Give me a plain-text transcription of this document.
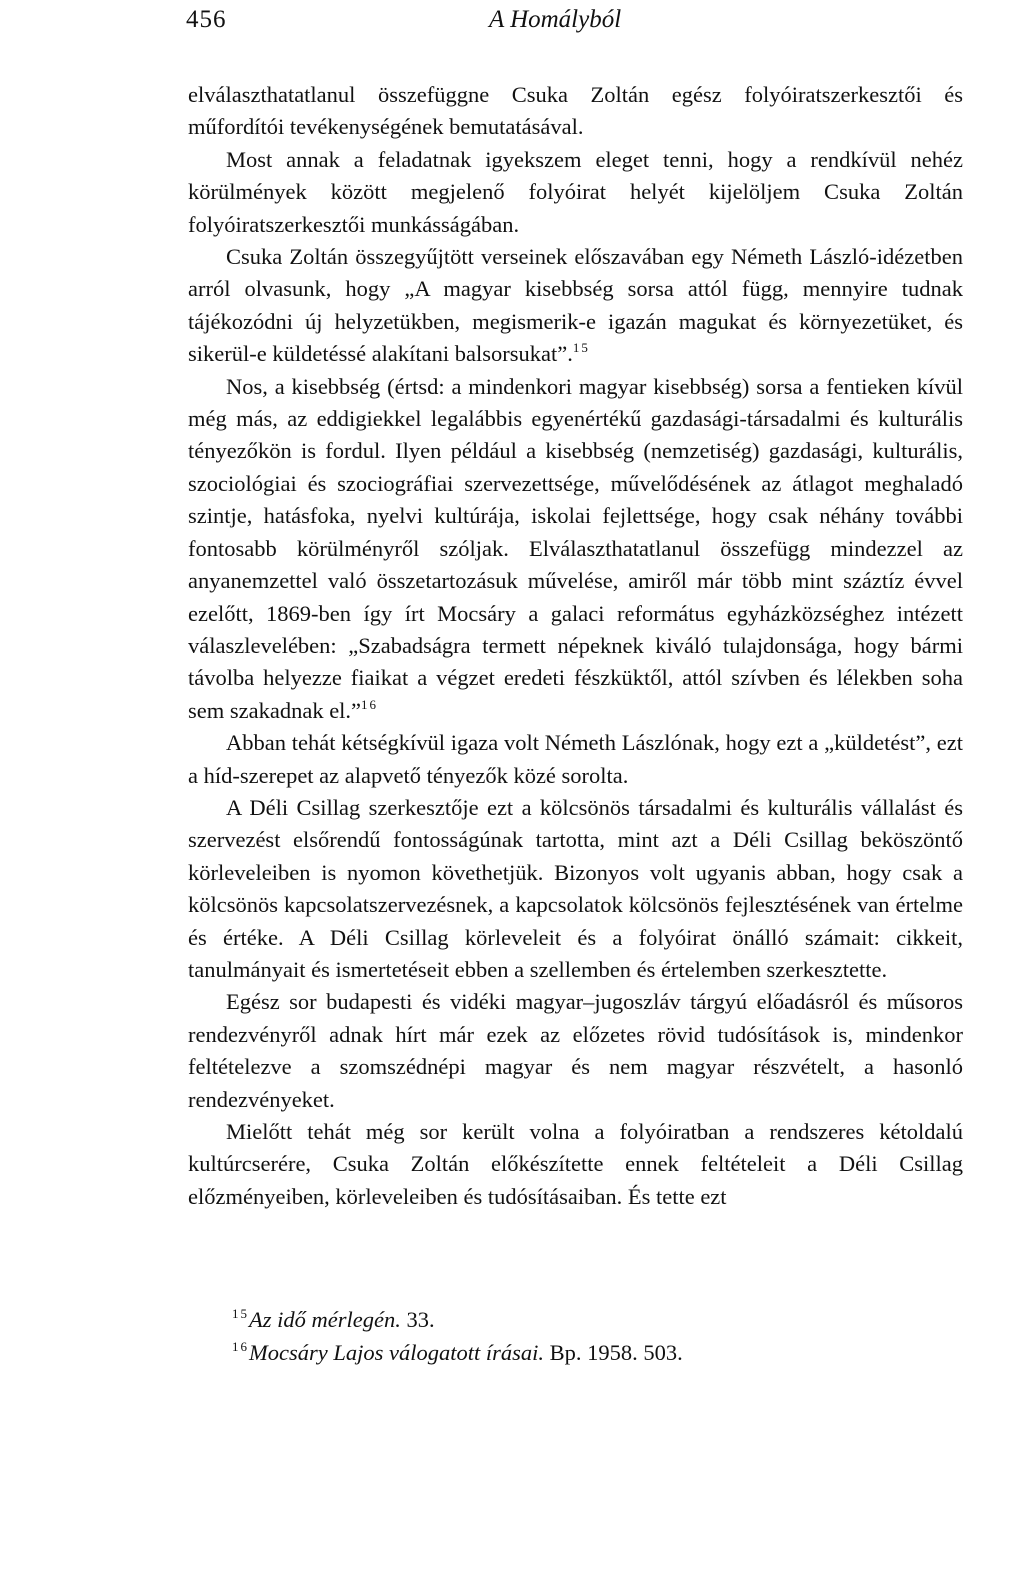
456	A Homályból

elválaszthatatlanul összefüggne Csuka Zoltán egész folyóiratszerkesztői és műfordítói tevékenységének bemutatásával.

Most annak a feladatnak igyekszem eleget tenni, hogy a rendkívül nehéz körülmények között megjelenő folyóirat helyét kijelöljem Csuka Zoltán folyóiratszerkesztői munkásságában.

Csuka Zoltán összegyűjtött verseinek előszavában egy Németh László-idézetben arról olvasunk, hogy „A magyar kisebbség sorsa attól függ, mennyire tudnak tájékozódni új helyzetükben, megismerik-e igazán magukat és környezetüket, és sikerül-e küldetéssé alakítani balsorsukat”.$^{15}$

Nos, a kisebbség (értsd: a mindenkori magyar kisebbség) sorsa a fentieken kívül még más, az eddigiekkel legalábbis egyenértékű gazdasági-társadalmi és kulturális tényezőkön is fordul. Ilyen például a kisebbség (nemzetiség) gazdasági, kulturális, szociológiai és szociográfiai szervezettsége, művelődésének az átlagot meghaladó szintje, hatásfoka, nyelvi kultúrája, iskolai fejlettsége, hogy csak néhány további fontosabb körülményről szóljak. Elválaszthatatlanul összefügg mindezzel az anyanemzettel való összetartozásuk művelése, amiről már több mint száztíz évvel ezelőtt, 1869-ben így írt Mocsáry a galaci református egyházközséghez intézett válaszlevelében: „Szabadságra termett népeknek kiváló tulajdonsága, hogy bármi távolba helyezze fiaikat a végzet eredeti fészküktől, attól szívben és lélekben soha sem szakadnak el.”$^{16}$

Abban tehát kétségkívül igaza volt Németh Lászlónak, hogy ezt a „küldetést”, ezt a híd-szerepet az alapvető tényezők közé sorolta.

A Déli Csillag szerkesztője ezt a kölcsönös társadalmi és kulturális vállalást és szervezést elsőrendű fontosságúnak tartotta, mint azt a Déli Csillag beköszöntő körleveleiben is nyomon követhetjük. Bizonyos volt ugyanis abban, hogy csak a kölcsönös kapcsolatszervezésnek, a kapcsolatok kölcsönös fejlesztésének van értelme és értéke. A Déli Csillag körleveleit és a folyóirat önálló számait: cikkeit, tanulmányait és ismertetéseit ebben a szellemben és értelemben szerkesztette.

Egész sor budapesti és vidéki magyar–jugoszláv tárgyú előadásról és műsoros rendezvényről adnak hírt már ezek az előzetes rövid tudósítások is, mindenkor feltételezve a szomszédnépi magyar és nem magyar részvételt, a hasonló rendezvényeket.

Mielőtt tehát még sor került volna a folyóiratban a rendszeres kétoldalú kultúrcserére, Csuka Zoltán előkészítette ennek feltételeit a Déli Csillag előzményeiben, körleveleiben és tudósításaiban. És tette ezt

$^{15}$Az idő mérlegén. 33.
$^{16}$Mocsáry Lajos válogatott írásai. Bp. 1958. 503.
